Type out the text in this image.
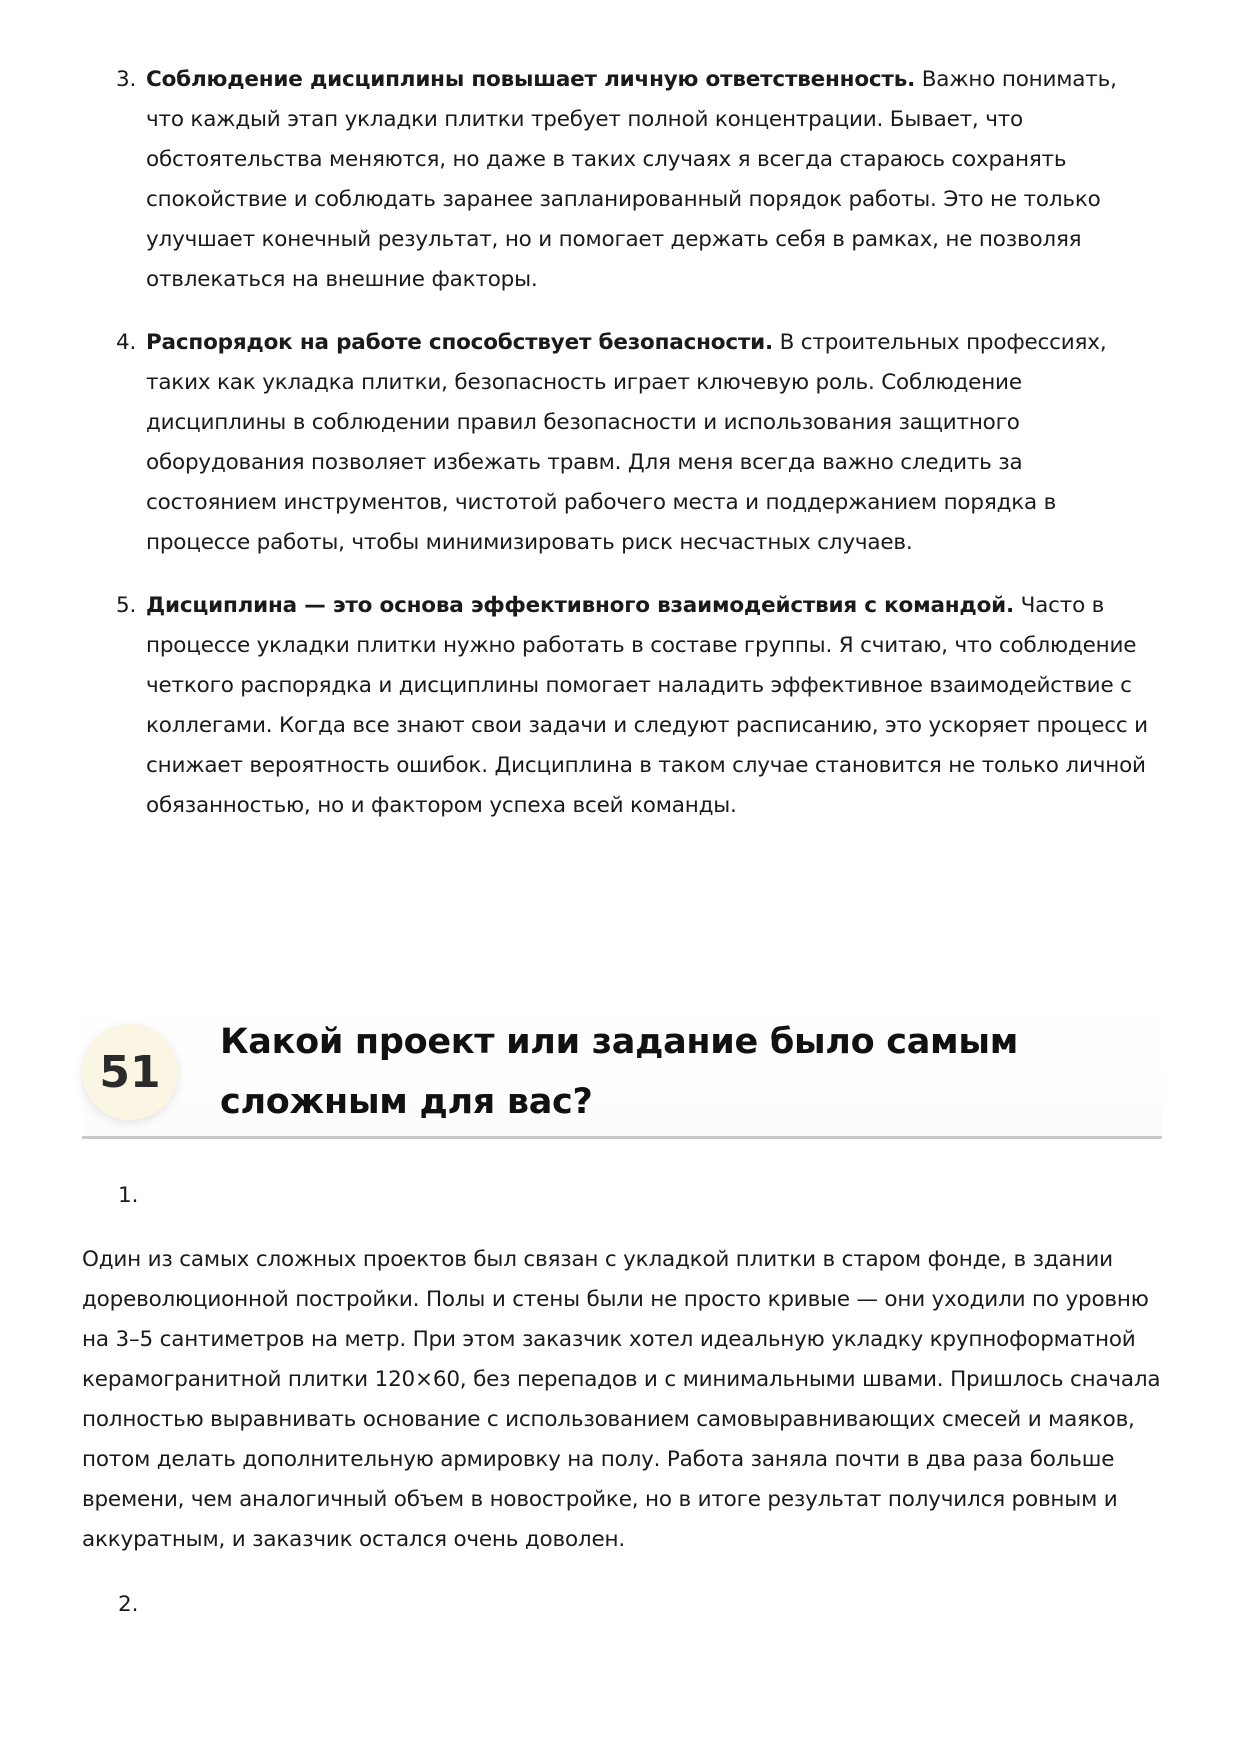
3. Соблюдение дисциплины повышает личную ответственность. Важно понимать, что каждый этап укладки плитки требует полной концентрации. Бывает, что обстоятельства меняются, но даже в таких случаях я всегда стараюсь сохранять спокойствие и соблюдать заранее запланированный порядок работы. Это не только улучшает конечный результат, но и помогает держать себя в рамках, не позволяя отвлекаться на внешние факторы.
4. Распорядок на работе способствует безопасности. В строительных профессиях, таких как укладка плитки, безопасность играет ключевую роль. Соблюдение дисциплины в соблюдении правил безопасности и использования защитного оборудования позволяет избежать травм. Для меня всегда важно следить за состоянием инструментов, чистотой рабочего места и поддержанием порядка в процессе работы, чтобы минимизировать риск несчастных случаев.
5. Дисциплина — это основа эффективного взаимодействия с командой. Часто в процессе укладки плитки нужно работать в составе группы. Я считаю, что соблюдение четкого распорядка и дисциплины помогает наладить эффективное взаимодействие с коллегами. Когда все знают свои задачи и следуют расписанию, это ускоряет процесс и снижает вероятность ошибок. Дисциплина в таком случае становится не только личной обязанностью, но и фактором успеха всей команды.
51
Какой проект или задание было самым сложным для вас?
1.
Один из самых сложных проектов был связан с укладкой плитки в старом фонде, в здании дореволюционной постройки. Полы и стены были не просто кривые — они уходили по уровню на 3–5 сантиметров на метр. При этом заказчик хотел идеальную укладку крупноформатной керамогранитной плитки 120×60, без перепадов и с минимальными швами. Пришлось сначала полностью выравнивать основание с использованием самовыравнивающих смесей и маяков, потом делать дополнительную армировку на полу. Работа заняла почти в два раза больше времени, чем аналогичный объем в новостройке, но в итоге результат получился ровным и аккуратным, и заказчик остался очень доволен.
2.
